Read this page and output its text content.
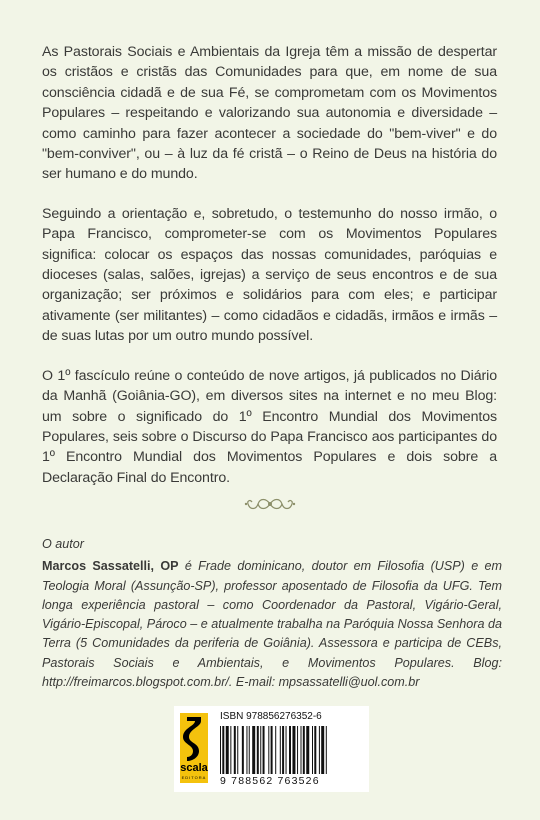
As Pastorais Sociais e Ambientais da Igreja têm a missão de despertar os cristãos e cristãs das Comunidades para que, em nome de sua consciência cidadã e de sua Fé, se comprometam com os Movimentos Populares – respeitando e valorizando sua autonomia e diversidade – como caminho para fazer acontecer a sociedade do "bem-viver" e do "bem-conviver", ou – à luz da fé cristã – o Reino de Deus na história do ser humano e do mundo.

Seguindo a orientação e, sobretudo, o testemunho do nosso irmão, o Papa Francisco, comprometer-se com os Movimentos Populares significa: colocar os espaços das nossas comunidades, paróquias e dioceses (salas, salões, igrejas) a serviço de seus encontros e de sua organização; ser próximos e solidários para com eles; e participar ativamente (ser militantes) – como cidadãos e cidadãs, irmãos e irmãs – de suas lutas por um outro mundo possível.

O 1º fascículo reúne o conteúdo de nove artigos, já publicados no Diário da Manhã (Goiânia-GO), em diversos sites na internet e no meu Blog: um sobre o significado do 1º Encontro Mundial dos Movimentos Populares, seis sobre o Discurso do Papa Francisco aos participantes do 1º Encontro Mundial dos Movimentos Populares e dois sobre a Declaração Final do Encontro.

O autor
Marcos Sassatelli, OP é Frade dominicano, doutor em Filosofia (USP) e em Teologia Moral (Assunção-SP), professor aposentado de Filosofia da UFG. Tem longa experiência pastoral – como Coordenador da Pastoral, Vigário-Geral, Vigário-Episcopal, Pároco – e atualmente trabalha na Paróquia Nossa Senhora da Terra (5 Comunidades da periferia de Goiânia). Assessora e participa de CEBs, Pastorais Sociais e Ambientais, e Movimentos Populares. Blog: http://freimarcos.blogspot.com.br/. E-mail: mpsassatelli@uol.com.br
scala
EDITORA
ISBN 978856276352-6
9 788562 763526
